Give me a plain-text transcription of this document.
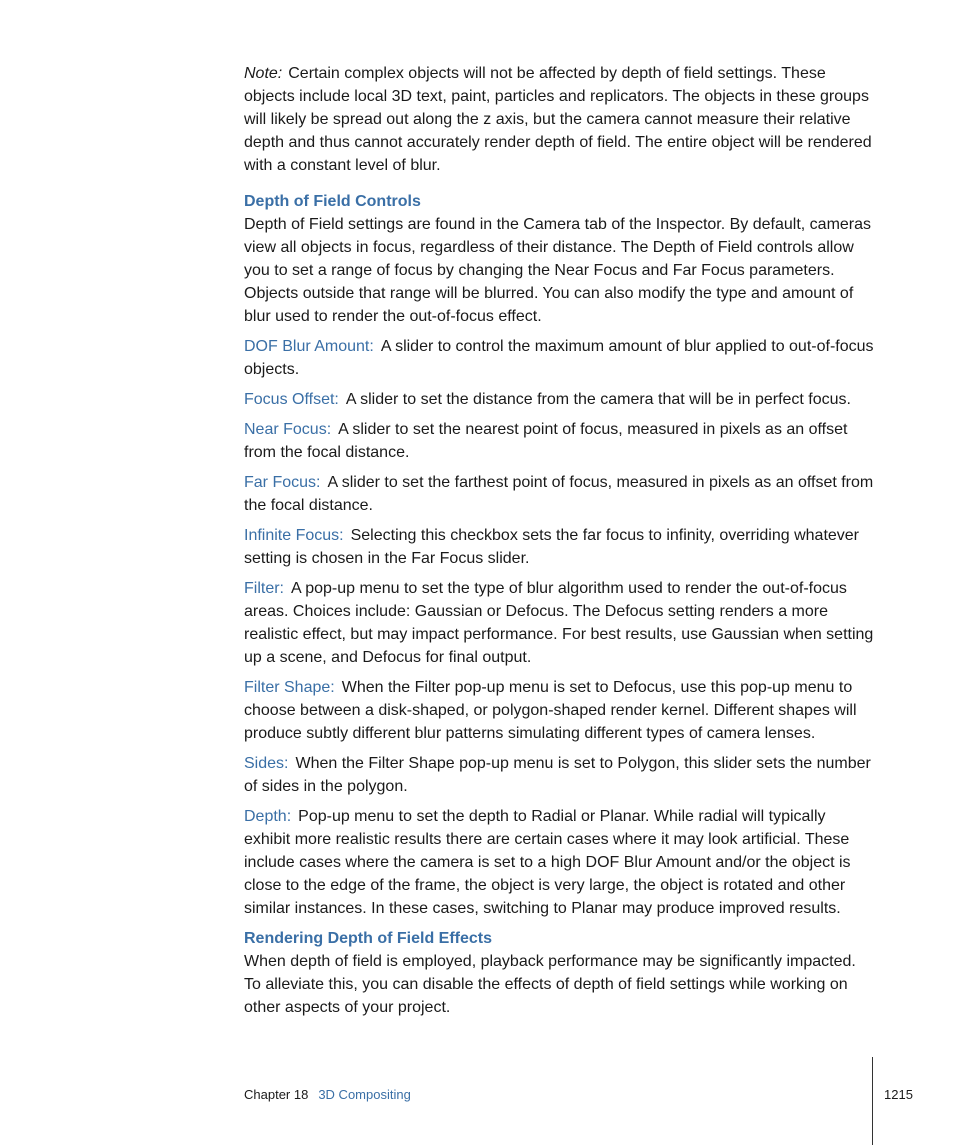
Note: Certain complex objects will not be affected by depth of field settings. These objects include local 3D text, paint, particles and replicators. The objects in these groups will likely be spread out along the z axis, but the camera cannot measure their relative depth and thus cannot accurately render depth of field. The entire object will be rendered with a constant level of blur.

Depth of Field Controls

Depth of Field settings are found in the Camera tab of the Inspector. By default, cameras view all objects in focus, regardless of their distance. The Depth of Field controls allow you to set a range of focus by changing the Near Focus and Far Focus parameters. Objects outside that range will be blurred. You can also modify the type and amount of blur used to render the out-of-focus effect.

DOF Blur Amount: A slider to control the maximum amount of blur applied to out-of-focus objects.

Focus Offset: A slider to set the distance from the camera that will be in perfect focus.

Near Focus: A slider to set the nearest point of focus, measured in pixels as an offset from the focal distance.

Far Focus: A slider to set the farthest point of focus, measured in pixels as an offset from the focal distance.

Infinite Focus: Selecting this checkbox sets the far focus to infinity, overriding whatever setting is chosen in the Far Focus slider.

Filter: A pop-up menu to set the type of blur algorithm used to render the out-of-focus areas. Choices include: Gaussian or Defocus. The Defocus setting renders a more realistic effect, but may impact performance. For best results, use Gaussian when setting up a scene, and Defocus for final output.

Filter Shape: When the Filter pop-up menu is set to Defocus, use this pop-up menu to choose between a disk-shaped, or polygon-shaped render kernel. Different shapes will produce subtly different blur patterns simulating different types of camera lenses.

Sides: When the Filter Shape pop-up menu is set to Polygon, this slider sets the number of sides in the polygon.

Depth: Pop-up menu to set the depth to Radial or Planar. While radial will typically exhibit more realistic results there are certain cases where it may look artificial. These include cases where the camera is set to a high DOF Blur Amount and/or the object is close to the edge of the frame, the object is very large, the object is rotated and other similar instances. In these cases, switching to Planar may produce improved results.

Rendering Depth of Field Effects

When depth of field is employed, playback performance may be significantly impacted. To alleviate this, you can disable the effects of depth of field settings while working on other aspects of your project.

Chapter 18 3D Compositing	1215
